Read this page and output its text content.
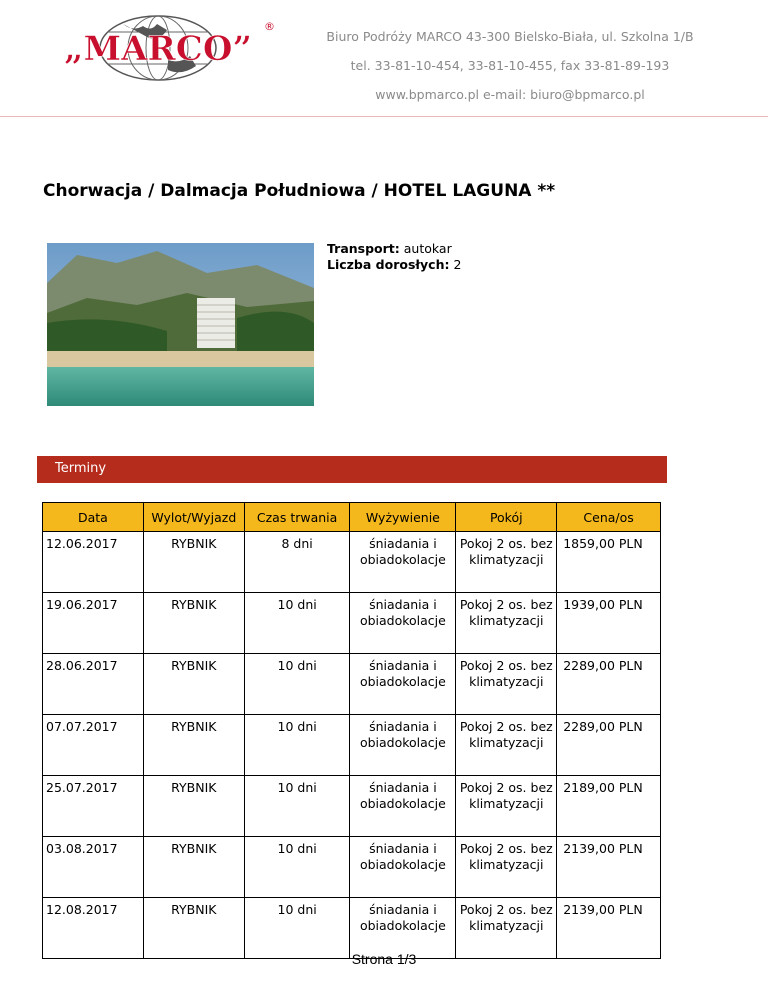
„MARCO”
®
Biuro Podróży MARCO 43-300 Bielsko-Biała, ul. Szkolna 1/B
tel. 33-81-10-454, 33-81-10-455, fax 33-81-89-193
www.bpmarco.pl e-mail: biuro@bpmarco.pl
Chorwacja / Dalmacja Południowa / HOTEL LAGUNA **
Transport: autokar
Liczba dorosłych: 2
Terminy
Data	Wylot/Wyjazd	Czas trwania	Wyżywienie	Pokój	Cena/os
12.06.2017	RYBNIK	8 dni	śniadania i obiadokolacje	Pokoj 2 os. bez klimatyzacji	1859,00 PLN
19.06.2017	RYBNIK	10 dni	śniadania i obiadokolacje	Pokoj 2 os. bez klimatyzacji	1939,00 PLN
28.06.2017	RYBNIK	10 dni	śniadania i obiadokolacje	Pokoj 2 os. bez klimatyzacji	2289,00 PLN
07.07.2017	RYBNIK	10 dni	śniadania i obiadokolacje	Pokoj 2 os. bez klimatyzacji	2289,00 PLN
25.07.2017	RYBNIK	10 dni	śniadania i obiadokolacje	Pokoj 2 os. bez klimatyzacji	2189,00 PLN
03.08.2017	RYBNIK	10 dni	śniadania i obiadokolacje	Pokoj 2 os. bez klimatyzacji	2139,00 PLN
12.08.2017	RYBNIK	10 dni	śniadania i obiadokolacje	Pokoj 2 os. bez klimatyzacji	2139,00 PLN
Strona 1/3
